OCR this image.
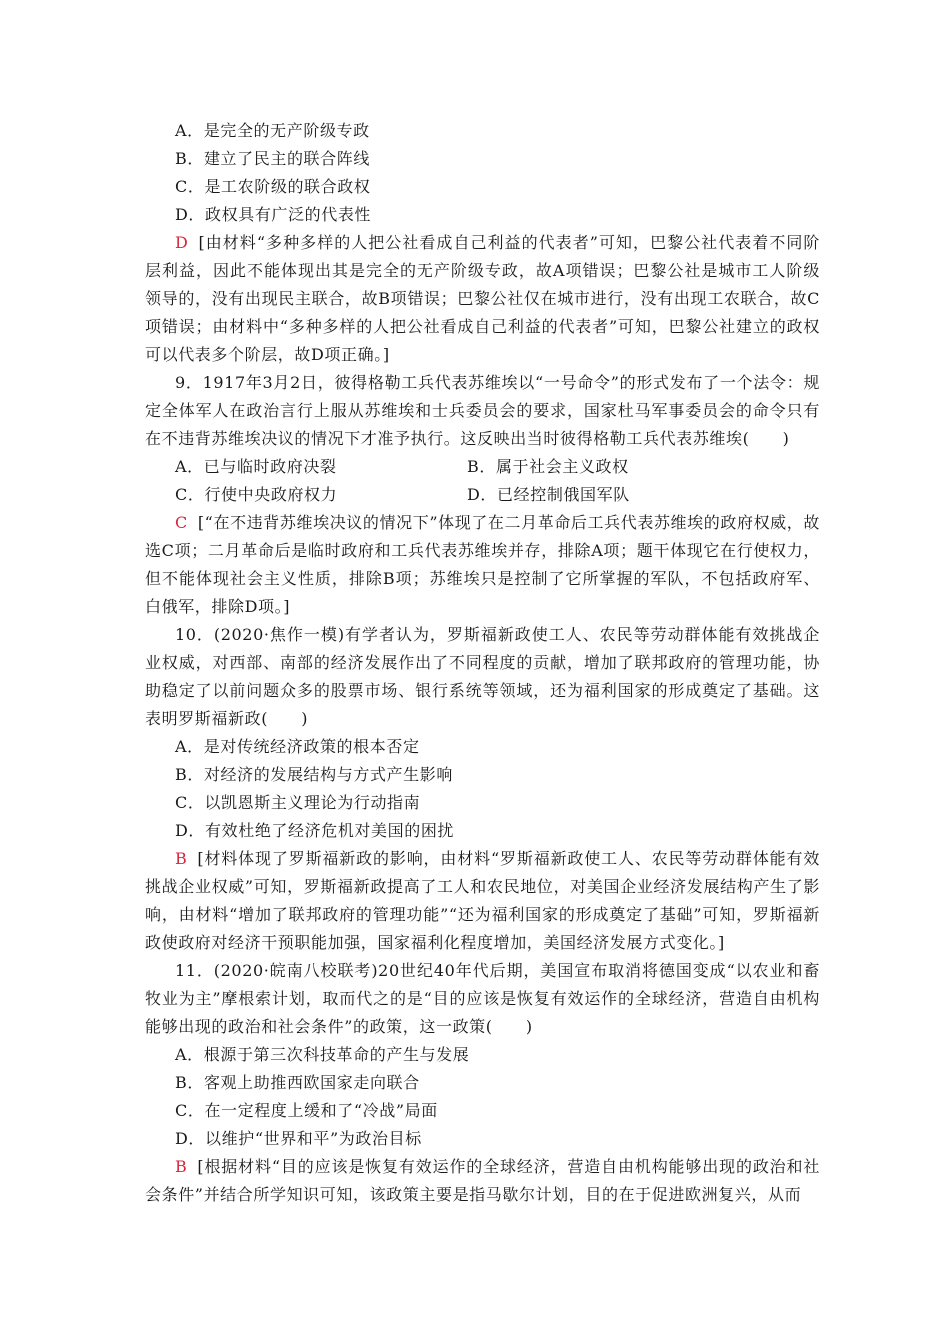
A．是完全的无产阶级专政
B．建立了民主的联合阵线
C．是工农阶级的联合政权
D．政权具有广泛的代表性
D [由材料“多种多样的人把公社看成自己利益的代表者”可知，巴黎公社代表着不同阶层利益，因此不能体现出其是完全的无产阶级专政，故A项错误；巴黎公社是城市工人阶级领导的，没有出现民主联合，故B项错误；巴黎公社仅在城市进行，没有出现工农联合，故C项错误；由材料中“多种多样的人把公社看成自己利益的代表者”可知，巴黎公社建立的政权可以代表多个阶层，故D项正确。]
9．1917年3月2日，彼得格勒工兵代表苏维埃以“一号命令”的形式发布了一个法令：规定全体军人在政治言行上服从苏维埃和士兵委员会的要求，国家杜马军事委员会的命令只有在不违背苏维埃决议的情况下才准予执行。这反映出当时彼得格勒工兵代表苏维埃(　　)
A．已与临时政府决裂	B．属于社会主义政权
C．行使中央政府权力	D．已经控制俄国军队
C [“在不违背苏维埃决议的情况下”体现了在二月革命后工兵代表苏维埃的政府权威，故选C项；二月革命后是临时政府和工兵代表苏维埃并存，排除A项；题干体现它在行使权力，但不能体现社会主义性质，排除B项；苏维埃只是控制了它所掌握的军队，不包括政府军、白俄军，排除D项。]
10．(2020·焦作一模)有学者认为，罗斯福新政使工人、农民等劳动群体能有效挑战企业权威，对西部、南部的经济发展作出了不同程度的贡献，增加了联邦政府的管理功能，协助稳定了以前问题众多的股票市场、银行系统等领域，还为福利国家的形成奠定了基础。这表明罗斯福新政(　　)
A．是对传统经济政策的根本否定
B．对经济的发展结构与方式产生影响
C．以凯恩斯主义理论为行动指南
D．有效杜绝了经济危机对美国的困扰
B [材料体现了罗斯福新政的影响，由材料“罗斯福新政使工人、农民等劳动群体能有效挑战企业权威”可知，罗斯福新政提高了工人和农民地位，对美国企业经济发展结构产生了影响，由材料“增加了联邦政府的管理功能”“还为福利国家的形成奠定了基础”可知，罗斯福新政使政府对经济干预职能加强，国家福利化程度增加，美国经济发展方式变化。]
11．(2020·皖南八校联考)20世纪40年代后期，美国宣布取消将德国变成“以农业和畜牧业为主”摩根索计划，取而代之的是“目的应该是恢复有效运作的全球经济，营造自由机构能够出现的政治和社会条件”的政策，这一政策(　　)
A．根源于第三次科技革命的产生与发展
B．客观上助推西欧国家走向联合
C．在一定程度上缓和了“冷战”局面
D．以维护“世界和平”为政治目标
B [根据材料“目的应该是恢复有效运作的全球经济，营造自由机构能够出现的政治和社会条件”并结合所学知识可知，该政策主要是指马歇尔计划，目的在于促进欧洲复兴，从而
